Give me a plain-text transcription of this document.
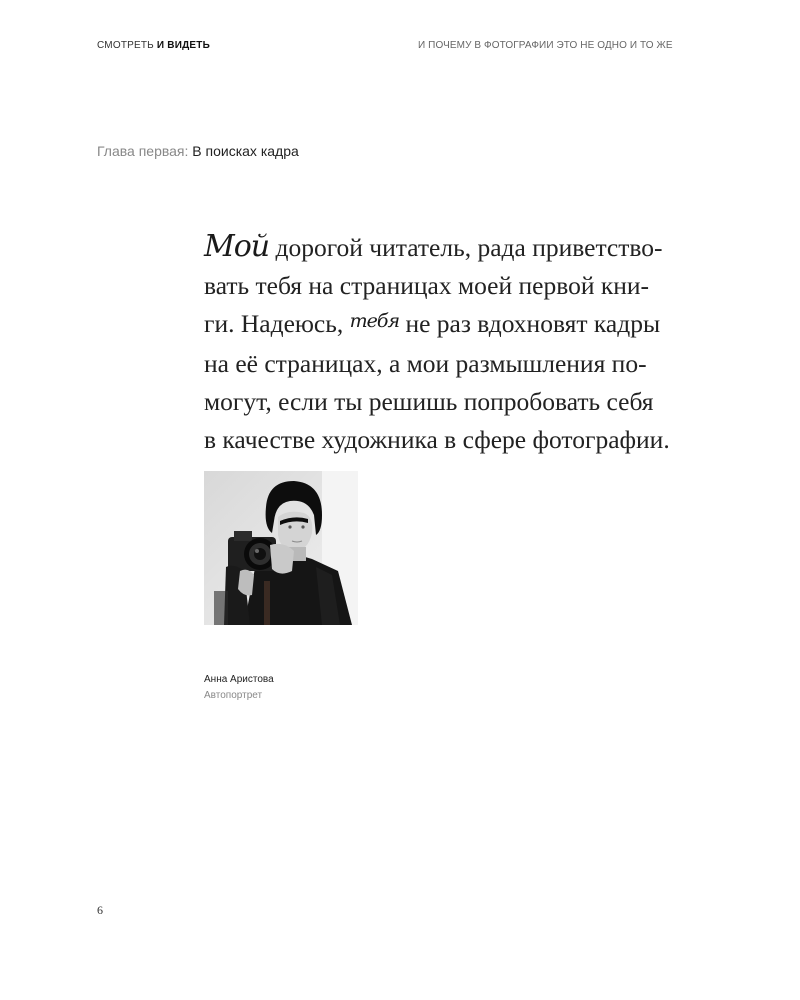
СМОТРЕТЬ И ВИДЕТЬ	И ПОЧЕМУ В ФОТОГРАФИИ ЭТО НЕ ОДНО И ТО ЖЕ
Глава первая: В поисках кадра
Мой дорогой читатель, рада приветство-
вать тебя на страницах моей первой кни-
ги. Надеюсь, тебя не раз вдохновят кадры
на её страницах, а мои размышления по-
могут, если ты решишь попробовать себя
в качестве художника в сфере фотографии.
Анна Аристова
Автопортрет
6
